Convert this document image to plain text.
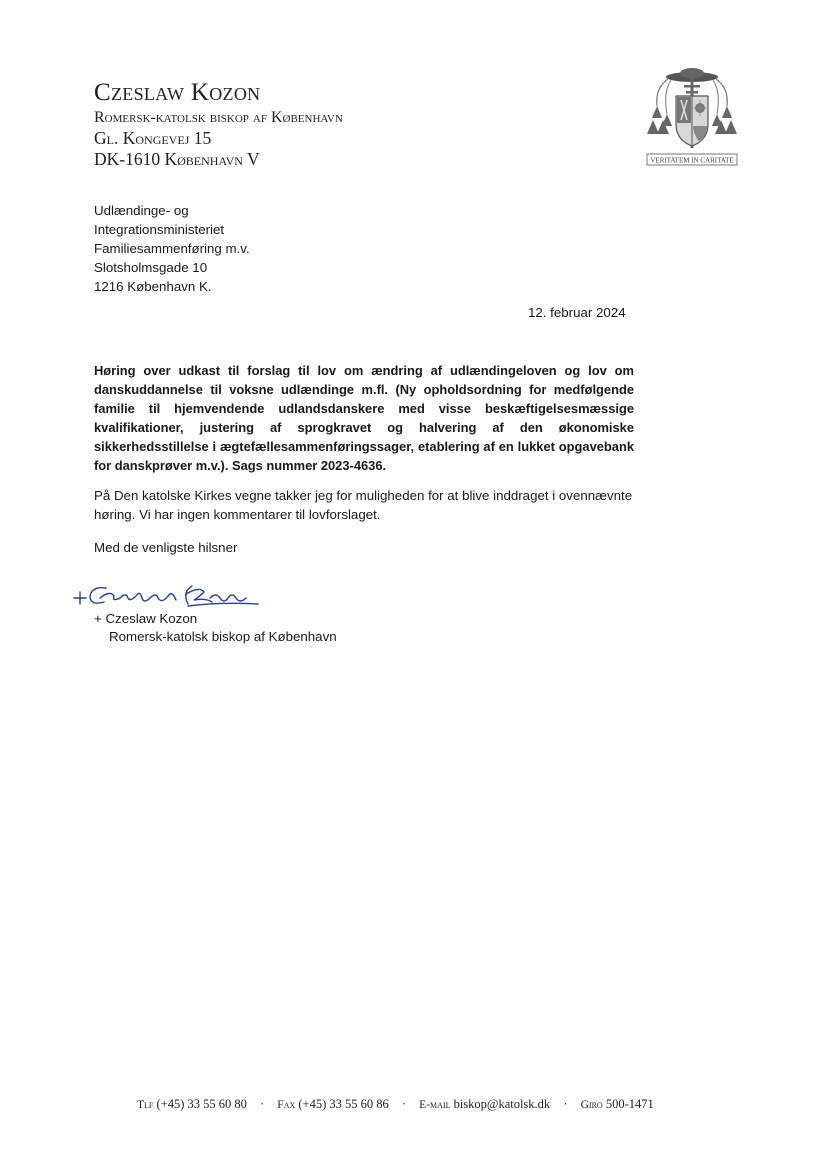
Czeslaw Kozon

Romersk-katolsk biskop af København

Gl. Kongevej 15

DK-1610 København V	VERITATEM IN CARITATE
Udlændinge- og
Integrationsministeriet
Familiesammenføring m.v.
Slotsholmsgade 10
1216 København K.
12. februar 2024

Høring over udkast til forslag til lov om ændring af udlændingeloven og lov om danskuddannelse til voksne udlændinge m.fl. (Ny opholdsordning for medfølgende familie til hjemvendende udlandsdanskere med visse beskæftigelsesmæssige kvalifikationer, justering af sprogkravet og halvering af den økonomiske sikkerhedsstillelse i ægtefællesammenføringssager, etablering af en lukket opgavebank for danskprøver m.v.). Sags nummer 2023-4636.

På Den katolske Kirkes vegne takker jeg for muligheden for at blive inddraget i ovennævnte høring. Vi har ingen kommentarer til lovforslaget.

Med de venligste hilsner

+ Czeslaw Kozon

Romersk-katolsk biskop af København

Tlf (+45) 33 55 60 80 · Fax (+45) 33 55 60 86 · E-mail biskop@katolsk.dk · Giro 500-1471
